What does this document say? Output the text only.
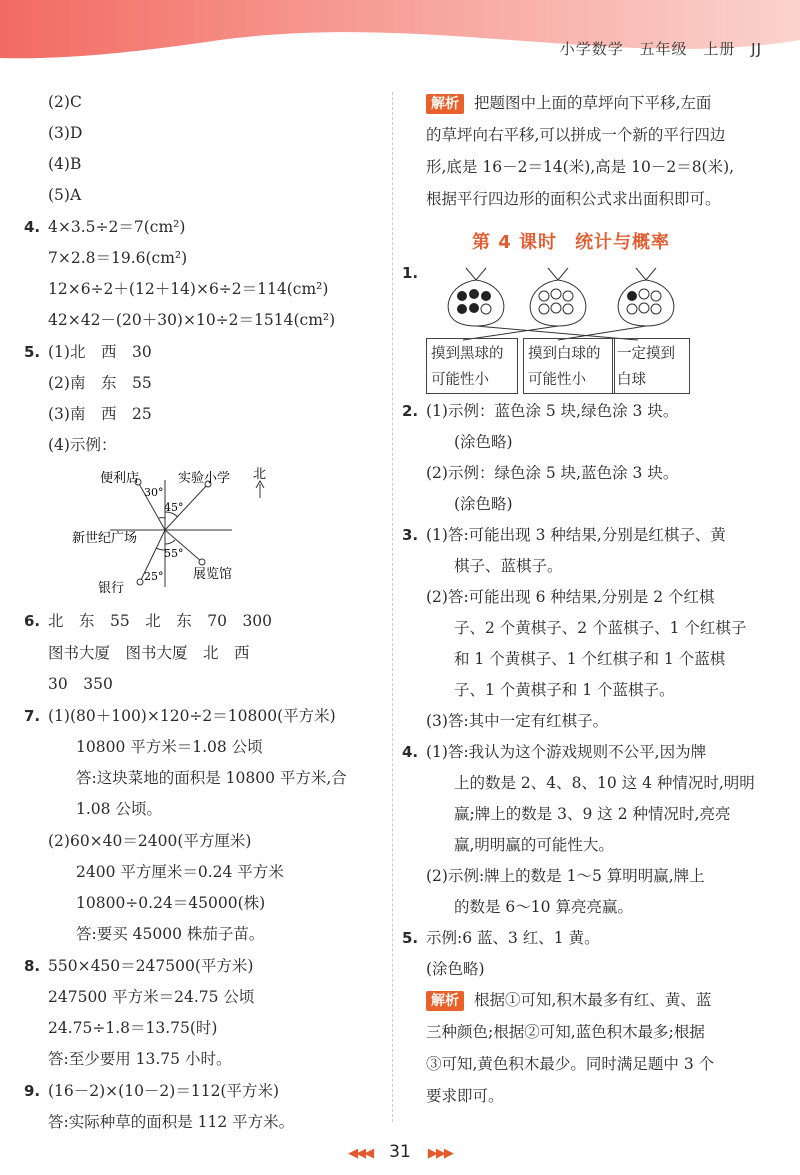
小学数学 五年级 上册 JJ
(2)C
(3)D
(4)B
(5)A
4. 4×3.5÷2＝7(cm²)
7×2.8＝19.6(cm²)
12×6÷2＋(12＋14)×6÷2＝114(cm²)
42×42－(20＋30)×10÷2＝1514(cm²)
5. (1)北　西　30
(2)南　东　55
(3)南　西　25
(4)示例：
便利店	实验小学 北
新世纪广场
银行
展览馆
30°
45°
55°
25°
6. 北　东　55　北　东　70　300
图书大厦　图书大厦　北　西
30　350
7. (1)(80＋100)×120÷2＝10800(平方米)
10800 平方米＝1.08 公顷
答:这块菜地的面积是 10800 平方米,合
1.08 公顷。
(2)60×40＝2400(平方厘米)
2400 平方厘米＝0.24 平方米
10800÷0.24＝45000(株)
答:要买 45000 株茄子苗。
8. 550×450＝247500(平方米)
247500 平方米＝24.75 公顷
24.75÷1.8＝13.75(时)
答:至少要用 13.75 小时。
9. (16－2)×(10－2)＝112(平方米)
答:实际种草的面积是 112 平方米。
解析 把题图中上面的草坪向下平移,左面
的草坪向右平移,可以拼成一个新的平行四边
形,底是 16－2＝14(米),高是 10－2＝8(米),
根据平行四边形的面积公式求出面积即可。
第 4 课时 统计与概率
1.
摸到黑球的
可能性小
摸到白球的
可能性小
一定摸到
白球
2. (1)示例：蓝色涂 5 块,绿色涂 3 块。
(涂色略)
(2)示例：绿色涂 5 块,蓝色涂 3 块。
(涂色略)
3. (1)答:可能出现 3 种结果,分别是红棋子、黄
棋子、蓝棋子。
(2)答:可能出现 6 种结果,分别是 2 个红棋
子、2 个黄棋子、2 个蓝棋子、1 个红棋子
和 1 个黄棋子、1 个红棋子和 1 个蓝棋
子、1 个黄棋子和 1 个蓝棋子。
(3)答:其中一定有红棋子。
4. (1)答:我认为这个游戏规则不公平,因为牌
上的数是 2、4、8、10 这 4 种情况时,明明
赢;牌上的数是 3、9 这 2 种情况时,亮亮
赢,明明赢的可能性大。
(2)示例:牌上的数是 1～5 算明明赢,牌上
的数是 6～10 算亮亮赢。
5. 示例:6 蓝、3 红、1 黄。
(涂色略)
解析 根据①可知,积木最多有红、黄、蓝
三种颜色;根据②可知,蓝色积木最多;根据
③可知,黄色积木最少。同时满足题中 3 个
要求即可。
◀◀◀ 31 ▶▶▶
